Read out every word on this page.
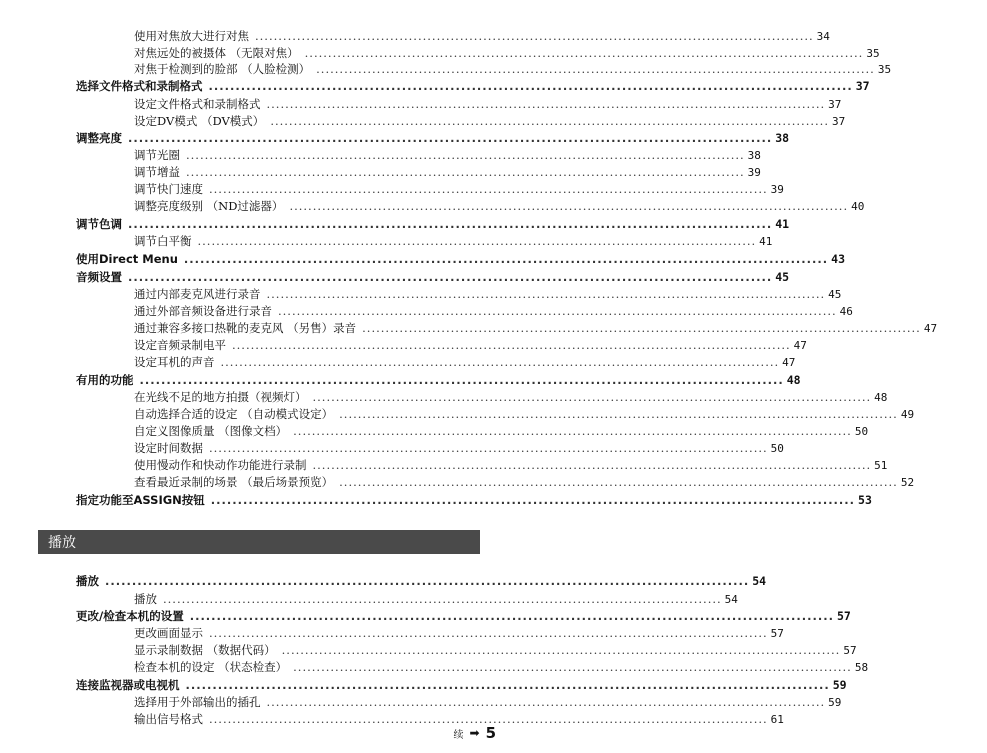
使用对焦放大进行对焦 ........................................................................................................................ 34
对焦远处的被摄体 （无限对焦） ........................................................................................................................ 35
对焦于检测到的脸部 （人脸检测） ........................................................................................................................ 35
选择文件格式和录制格式 ........................................................................................................................ 37
设定文件格式和录制格式 ........................................................................................................................ 37
设定DV模式 （DV模式） ........................................................................................................................ 37
调整亮度 ........................................................................................................................ 38
调节光圈 ........................................................................................................................ 38
调节增益 ........................................................................................................................ 39
调节快门速度 ........................................................................................................................ 39
调整亮度级别 （ND过滤器） ........................................................................................................................ 40
调节色调 ........................................................................................................................ 41
调节白平衡 ........................................................................................................................ 41
使用Direct Menu ........................................................................................................................ 43
音频设置 ........................................................................................................................ 45
通过内部麦克风进行录音 ........................................................................................................................ 45
通过外部音频设备进行录音 ........................................................................................................................ 46
通过兼容多接口热靴的麦克风 （另售）录音 ........................................................................................................................ 47
设定音频录制电平 ........................................................................................................................ 47
设定耳机的声音 ........................................................................................................................ 47
有用的功能 ........................................................................................................................ 48
在光线不足的地方拍摄（视频灯） ........................................................................................................................ 48
自动选择合适的设定 （自动模式设定） ........................................................................................................................ 49
自定义图像质量 （图像文档） ........................................................................................................................ 50
设定时间数据 ........................................................................................................................ 50
使用慢动作和快动作功能进行录制 ........................................................................................................................ 51
查看最近录制的场景 （最后场景预览） ........................................................................................................................ 52
指定功能至ASSIGN按钮 ........................................................................................................................ 53
播放 ........................................................................................................................ 54
播放 ........................................................................................................................ 54
更改/检查本机的设置 ........................................................................................................................ 57
更改画面显示 ........................................................................................................................ 57
显示录制数据 （数据代码） ........................................................................................................................ 57
检查本机的设定 （状态检查） ........................................................................................................................ 58
连接监视器或电视机 ........................................................................................................................ 59
选择用于外部输出的插孔 ........................................................................................................................ 59
输出信号格式 ........................................................................................................................ 61
播放
续 ➡ 5
